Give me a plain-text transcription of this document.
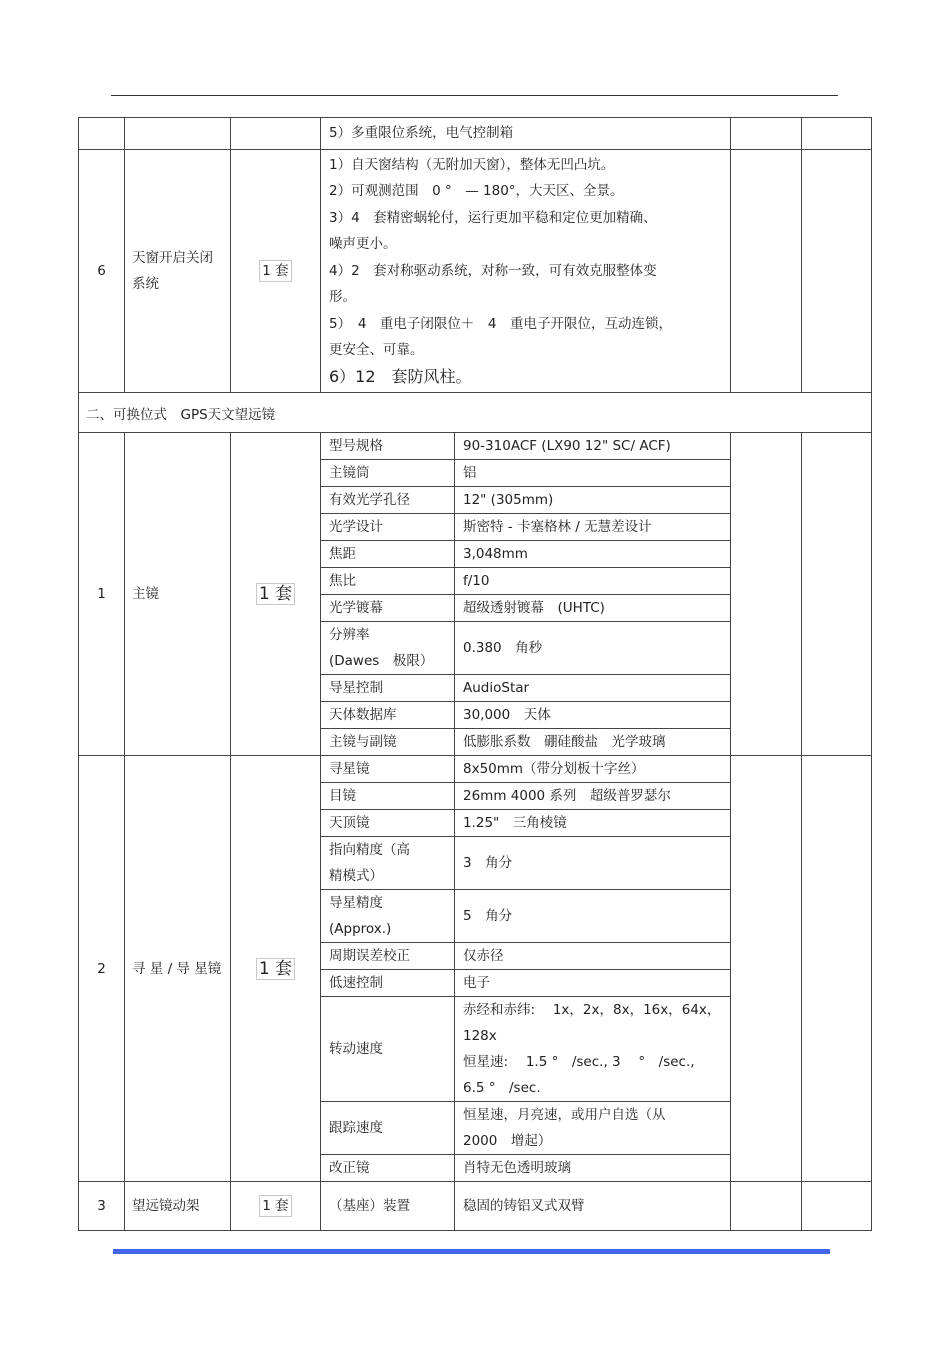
5）多重限位系统，电气控制箱

6	天窗开启关闭系统	1 套	
1）自天窗结构（无附加天窗），整体无凹凸坑。
2）可观测范围　0 °　— 180°，大天区、全景。
3）4　套精密蜗轮付，运行更加平稳和定位更加精确、
噪声更小。
4）2　套对称驱动系统，对称一致，可有效克服整体变
形。
5）　4　重电子闭限位＋　4　重电子开限位，互动连锁，
更安全、可靠。
6）12　套防风柱。

二、可换位式　GPS天文望远镜
1	主镜	1 套	
型号规格	90-310ACF (LX90 12" SC/ ACF)
主镜筒	铝
有效光学孔径	12" (305mm)
光学设计	斯密特 - 卡塞格林 / 无慧差设计
焦距	3,048mm
焦比	f/10
光学镀幕	超级透射镀幕　(UHTC)
分辨率
(Dawes　极限）	0.380　角秒
导星控制	AudioStar
天体数据库	30,000　天体
主镜与副镜	低膨胀系数　硼硅酸盐　光学玻璃

2	寻 星 / 导 星镜	1 套	
寻星镜	8x50mm（带分划板十字丝）
目镜	26mm 4000 系列　超级普罗瑟尔
天顶镜	1.25"　三角棱镜
指向精度（高
精模式）	3　角分
导星精度
(Approx.)	5　角分
周期误差校正	仅赤径
低速控制	电子
转动速度	赤经和赤纬:　 1x，2x，8x，16x，64x，
128x
恒星速:　 1.5 °　/sec., 3　 °　/sec.,
6.5 °　/sec.
跟踪速度	恒星速，月亮速，或用户自选（从
2000　增起）
改正镜	肖特无色透明玻璃

3	望远镜动架	1 套		（基座）装置	稳固的铸铝叉式双臂
